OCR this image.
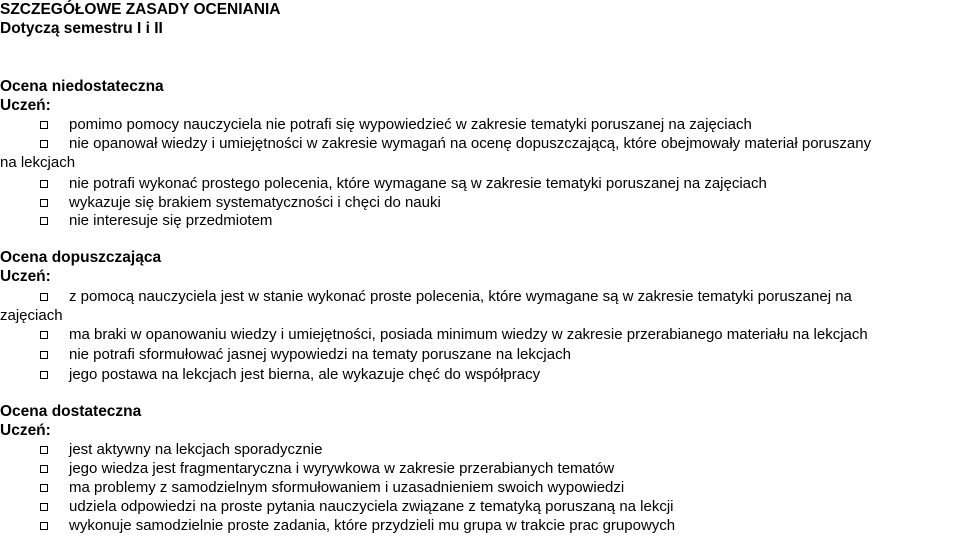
SZCZEGÓŁOWE ZASADY OCENIANIA
Dotyczą semestru I i II
Ocena niedostateczna
Uczeń:
pomimo pomocy nauczyciela nie potrafi się wypowiedzieć w zakresie tematyki poruszanej na zajęciach
nie opanował wiedzy i umiejętności w zakresie wymagań na ocenę dopuszczającą, które obejmowały materiał poruszany
na lekcjach
nie potrafi wykonać prostego polecenia, które wymagane są w zakresie tematyki poruszanej na zajęciach
wykazuje się brakiem systematyczności i chęci do nauki
nie interesuje się przedmiotem
Ocena dopuszczająca
Uczeń:
z pomocą nauczyciela jest w stanie wykonać proste polecenia, które wymagane są w zakresie tematyki poruszanej na
zajęciach
ma braki w opanowaniu wiedzy i umiejętności, posiada minimum wiedzy w zakresie przerabianego materiału na lekcjach
nie potrafi sformułować jasnej wypowiedzi na tematy poruszane na lekcjach
jego postawa na lekcjach jest bierna, ale wykazuje chęć do współpracy
Ocena dostateczna
Uczeń:
jest aktywny na lekcjach sporadycznie
jego wiedza jest fragmentaryczna i wyrywkowa w zakresie przerabianych tematów
ma problemy z samodzielnym sformułowaniem i uzasadnieniem swoich wypowiedzi
udziela odpowiedzi na proste pytania nauczyciela związane z tematyką poruszaną na lekcji
wykonuje samodzielnie proste zadania, które przydzieli mu grupa w trakcie prac grupowych
